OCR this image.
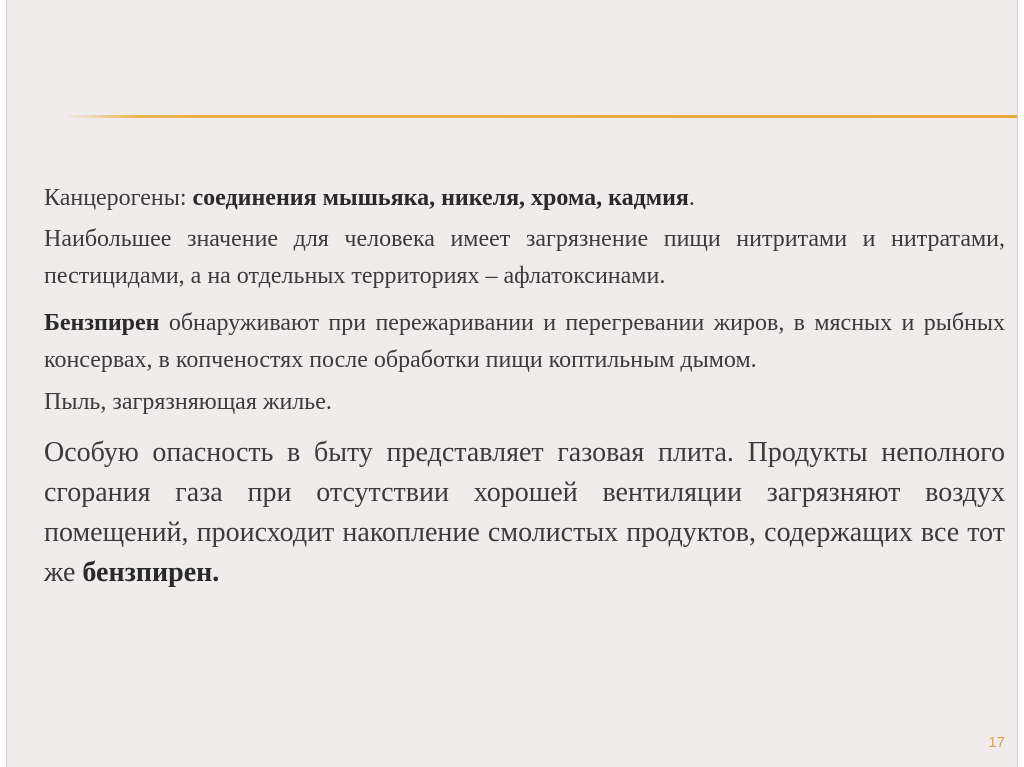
Канцерогены: соединения мышьяка, никеля, хрома, кадмия.

Наибольшее значение для человека имеет загрязнение пищи нитритами и нитратами, пестицидами, а на отдельных территориях – афлатоксинами.

Бензпирен обнаруживают при пережаривании и перегревании жиров, в мясных и рыбных консервах, в копченостях после обработки пищи коптильным дымом.

Пыль, загрязняющая жилье.

Особую опасность в быту представляет газовая плита. Продукты неполного сгорания газа при отсутствии хорошей вентиляции загрязняют воздух помещений, происходит накопление смолистых продуктов, содержащих все тот же бензпирен.

17
